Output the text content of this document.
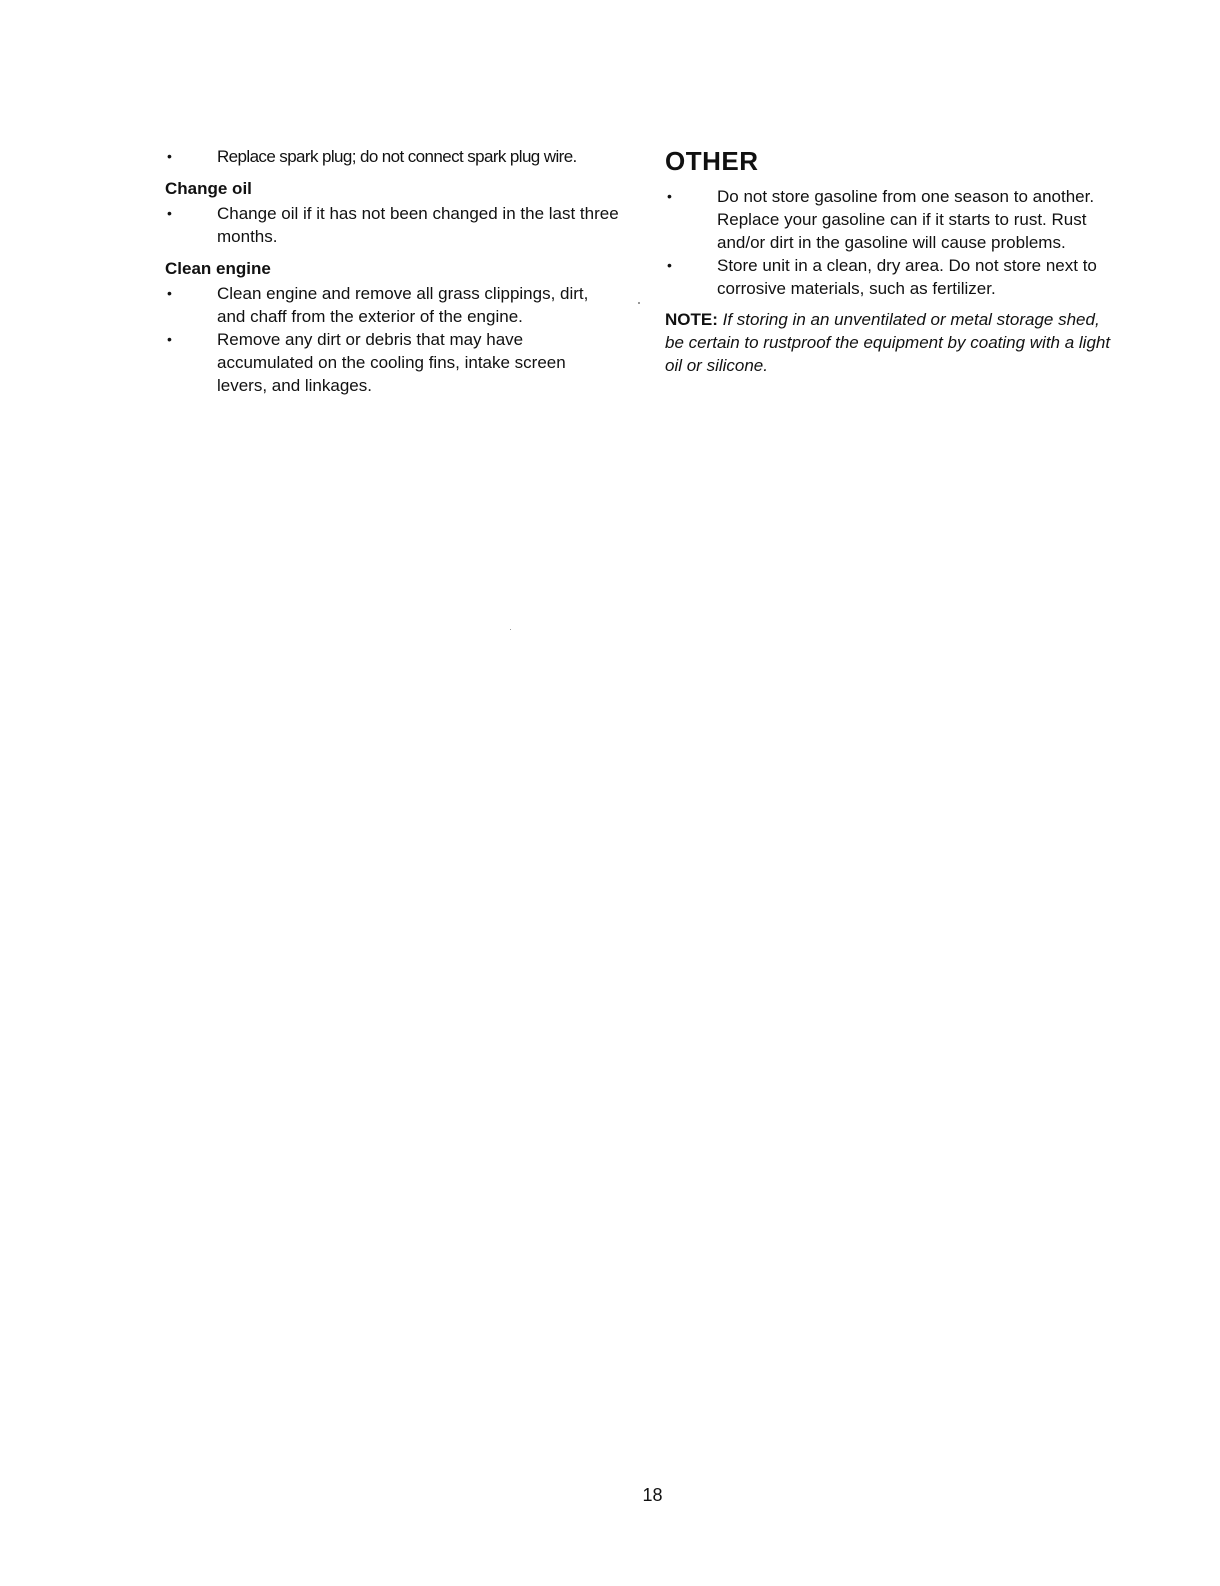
•	Replace spark plug; do not connect spark plug wire.

Change oil

•	Change oil if it has not been changed in the last three months.

Clean engine

•	Clean engine and remove all grass clippings, dirt, and chaff from the exterior of the engine.

•	Remove any dirt or debris that may have accumulated on the cooling fins, intake screen levers, and linkages.

OTHER

•	Do not store gasoline from one season to another. Replace your gasoline can if it starts to rust. Rust and/or dirt in the gasoline will cause problems.

•	Store unit in a clean, dry area. Do not store next to corrosive materials, such as fertilizer.

NOTE: If storing in an unventilated or metal storage shed, be certain to rustproof the equipment by coating with a light oil or silicone.
18
